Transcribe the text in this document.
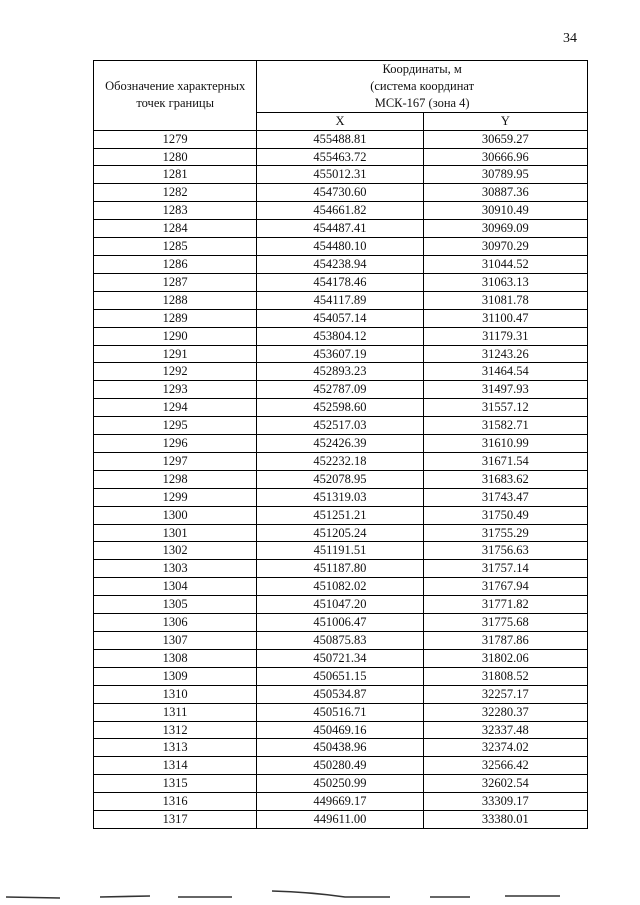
34
Обозначение характерных точек границы	Координаты, м
(система координат
МСК-167 (зона 4)	
	X	Y
1279	455488.81	30659.27
1280	455463.72	30666.96
1281	455012.31	30789.95
1282	454730.60	30887.36
1283	454661.82	30910.49
1284	454487.41	30969.09
1285	454480.10	30970.29
1286	454238.94	31044.52
1287	454178.46	31063.13
1288	454117.89	31081.78
1289	454057.14	31100.47
1290	453804.12	31179.31
1291	453607.19	31243.26
1292	452893.23	31464.54
1293	452787.09	31497.93
1294	452598.60	31557.12
1295	452517.03	31582.71
1296	452426.39	31610.99
1297	452232.18	31671.54
1298	452078.95	31683.62
1299	451319.03	31743.47
1300	451251.21	31750.49
1301	451205.24	31755.29
1302	451191.51	31756.63
1303	451187.80	31757.14
1304	451082.02	31767.94
1305	451047.20	31771.82
1306	451006.47	31775.68
1307	450875.83	31787.86
1308	450721.34	31802.06
1309	450651.15	31808.52
1310	450534.87	32257.17
1311	450516.71	32280.37
1312	450469.16	32337.48
1313	450438.96	32374.02
1314	450280.49	32566.42
1315	450250.99	32602.54
1316	449669.17	33309.17
1317	449611.00	33380.01
